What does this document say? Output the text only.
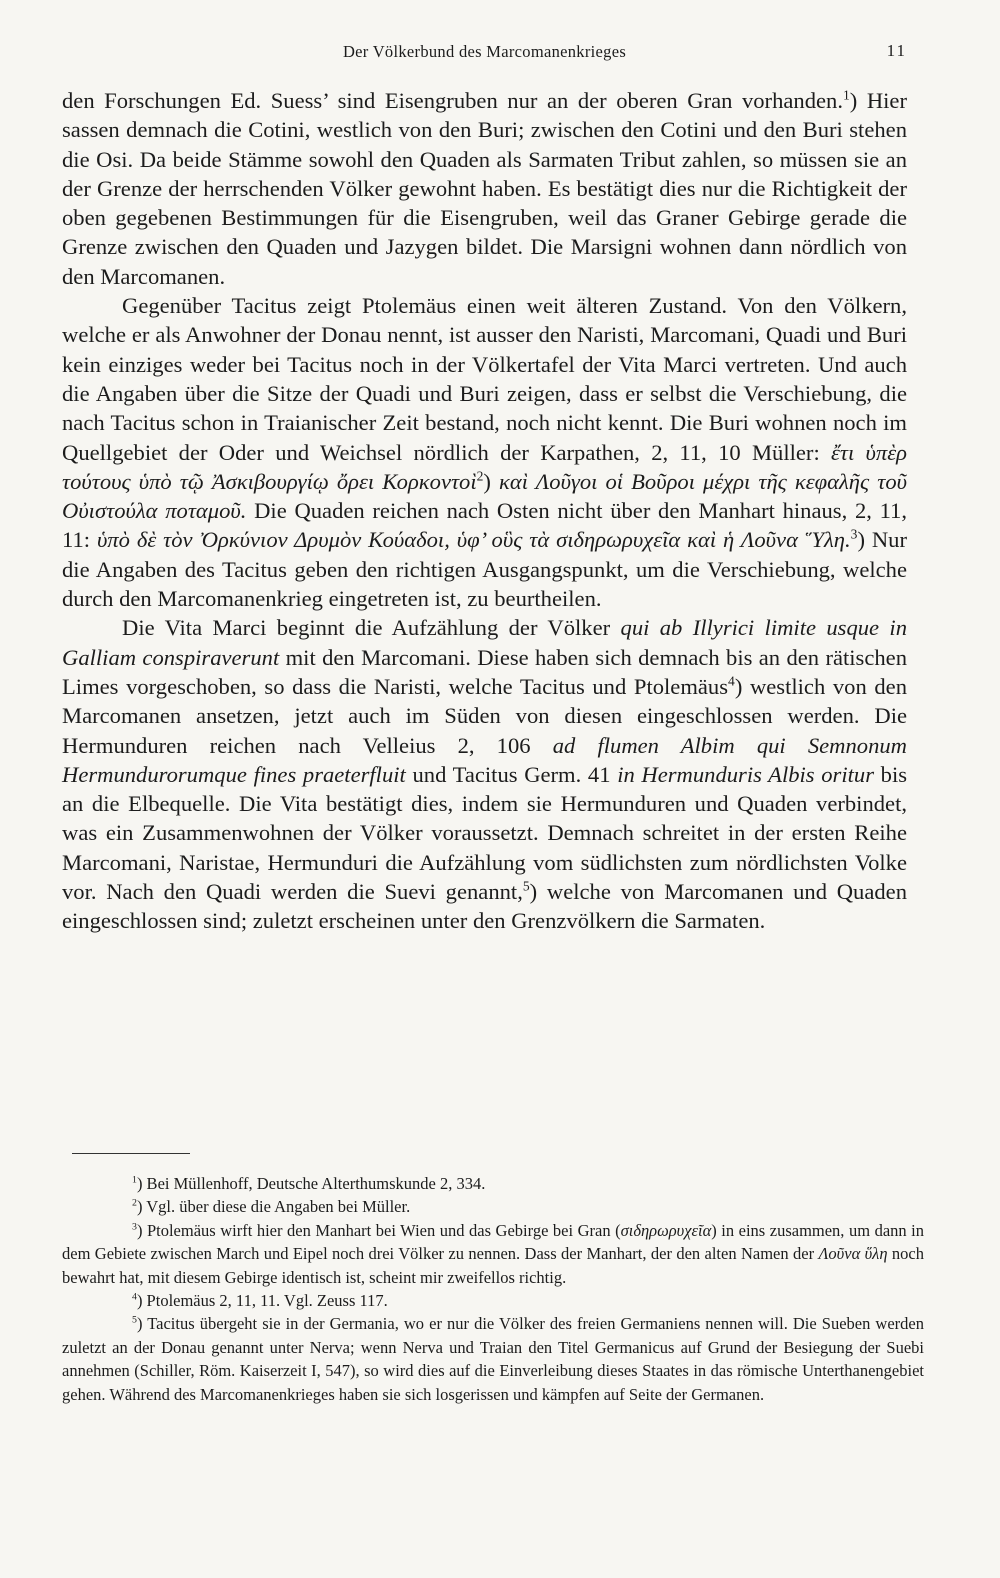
Der Völkerbund des Marcomanenkrieges	11

den Forschungen Ed. Suess’ sind Eisengruben nur an der oberen Gran vorhanden.$^1$) Hier sassen demnach die Cotini, westlich von den Buri; zwischen den Cotini und den Buri stehen die Osi. Da beide Stämme sowohl den Quaden als Sarmaten Tribut zahlen, so müssen sie an der Grenze der herrschenden Völker gewohnt haben. Es bestätigt dies nur die Richtigkeit der oben gegebenen Bestimmungen für die Eisengruben, weil das Graner Gebirge gerade die Grenze zwischen den Quaden und Jazygen bildet. Die Marsigni wohnen dann nördlich von den Marcomanen.

Gegenüber Tacitus zeigt Ptolemäus einen weit älteren Zustand. Von den Völkern, welche er als Anwohner der Donau nennt, ist ausser den Naristi, Marcomani, Quadi und Buri kein einziges weder bei Tacitus noch in der Völkertafel der Vita Marci vertreten. Und auch die Angaben über die Sitze der Quadi und Buri zeigen, dass er selbst die Verschiebung, die nach Tacitus schon in Traianischer Zeit bestand, noch nicht kennt. Die Buri wohnen noch im Quellgebiet der Oder und Weichsel nördlich der Karpathen, 2, 11, 10 Müller: ἔτι ὑπὲρ τούτους ὑπὸ τῷ Ἀσκιβουργίῳ ὄρει Κορκοντοὶ$^2$) καὶ Λοῦγοι οἱ Βοῦροι μέχρι τῆς κεφαλῆς τοῦ Οὐιστούλα ποταμοῦ. Die Quaden reichen nach Osten nicht über den Manhart hinaus, 2, 11, 11: ὑπὸ δὲ τὸν Ὀρκύνιον Δρυμὸν Κούαδοι, ὑφ’ οὓς τὰ σιδηρωρυχεῖα καὶ ἡ Λοῦνα Ὕλη.$^3$) Nur die Angaben des Tacitus geben den richtigen Ausgangspunkt, um die Verschiebung, welche durch den Marcomanenkrieg eingetreten ist, zu beurtheilen.

Die Vita Marci beginnt die Aufzählung der Völker qui ab Illyrici limite usque in Galliam conspiraverunt mit den Marcomani. Diese haben sich demnach bis an den rätischen Limes vorgeschoben, so dass die Naristi, welche Tacitus und Ptolemäus$^4$) westlich von den Marcomanen ansetzen, jetzt auch im Süden von diesen eingeschlossen werden. Die Hermunduren reichen nach Velleius 2, 106 ad flumen Albim qui Semnonum Hermundurorumque fines praeterfluit und Tacitus Germ. 41 in Hermunduris Albis oritur bis an die Elbequelle. Die Vita bestätigt dies, indem sie Hermunduren und Quaden verbindet, was ein Zusammenwohnen der Völker voraussetzt. Demnach schreitet in der ersten Reihe Marcomani, Naristae, Hermunduri die Aufzählung vom südlichsten zum nördlichsten Volke vor. Nach den Quadi werden die Suevi genannt,$^5$) welche von Marcomanen und Quaden eingeschlossen sind; zuletzt erscheinen unter den Grenzvölkern die Sarmaten.

$^1$) Bei Müllenhoff, Deutsche Alterthumskunde 2, 334.

$^2$) Vgl. über diese die Angaben bei Müller.

$^3$) Ptolemäus wirft hier den Manhart bei Wien und das Gebirge bei Gran (σιδηρωρυχεῖα) in eins zusammen, um dann in dem Gebiete zwischen March und Eipel noch drei Völker zu nennen. Dass der Manhart, der den alten Namen der Λοῦνα ὕλη noch bewahrt hat, mit diesem Gebirge identisch ist, scheint mir zweifellos richtig.

$^4$) Ptolemäus 2, 11, 11. Vgl. Zeuss 117.

$^5$) Tacitus übergeht sie in der Germania, wo er nur die Völker des freien Germaniens nennen will. Die Sueben werden zuletzt an der Donau genannt unter Nerva; wenn Nerva und Traian den Titel Germanicus auf Grund der Besiegung der Suebi annehmen (Schiller, Röm. Kaiserzeit I, 547), so wird dies auf die Einverleibung dieses Staates in das römische Unterthanengebiet gehen. Während des Marcomanenkrieges haben sie sich losgerissen und kämpfen auf Seite der Germanen.
